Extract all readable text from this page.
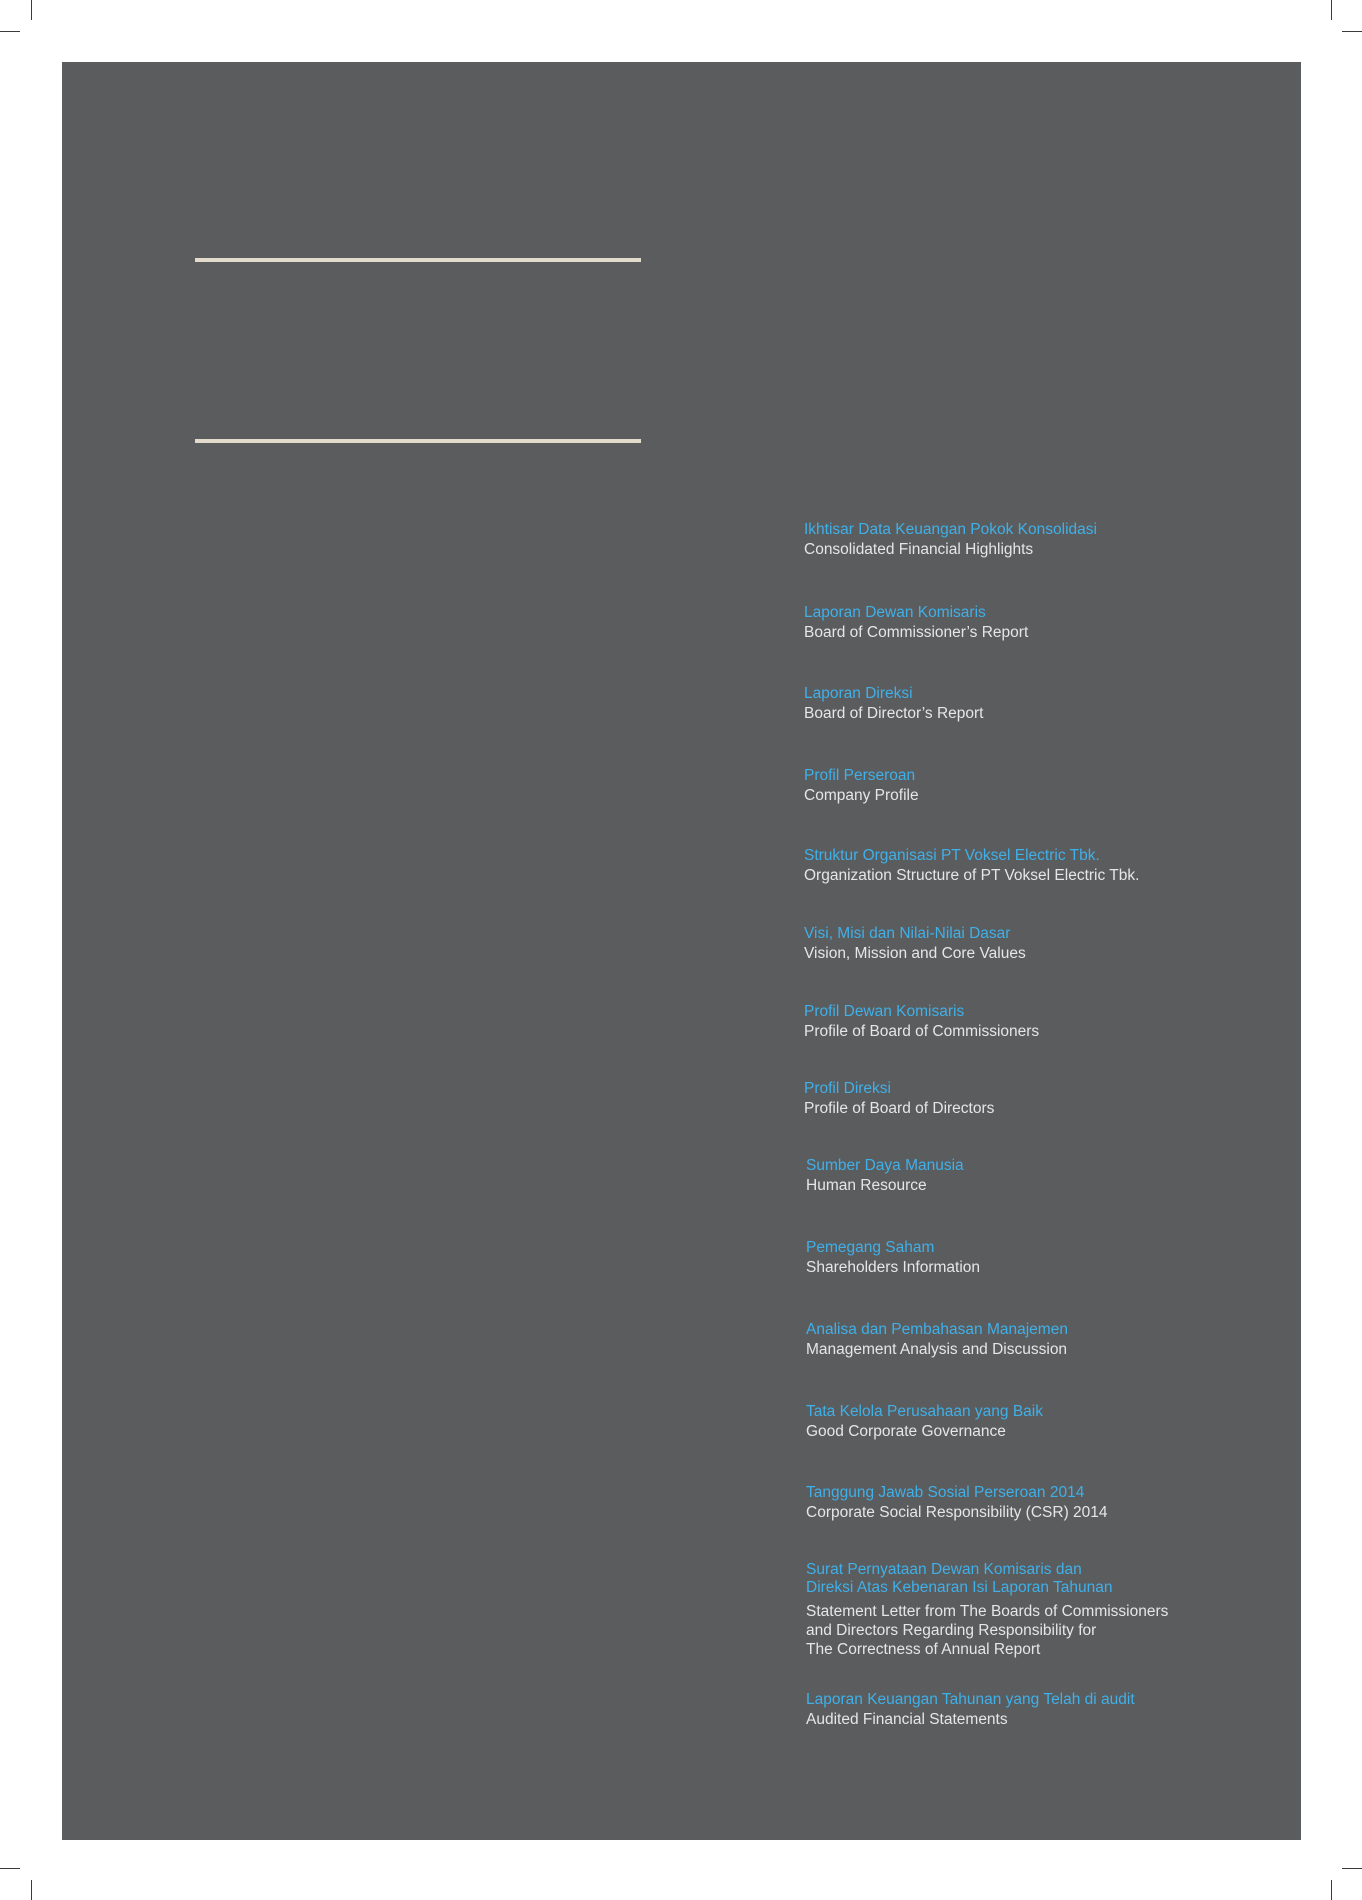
Ikhtisar Data Keuangan Pokok Konsolidasi
Consolidated Financial Highlights
Laporan Dewan Komisaris
Board of Commissioner’s Report
Laporan Direksi
Board of Director’s Report
Profil Perseroan
Company Profile
Struktur Organisasi PT Voksel Electric Tbk.
Organization Structure of PT Voksel Electric Tbk.
Visi, Misi dan Nilai-Nilai Dasar
Vision, Mission and Core Values
Profil Dewan Komisaris
Profile of Board of Commissioners
Profil Direksi
Profile of Board of Directors
Sumber Daya Manusia
Human Resource
Pemegang Saham
Shareholders Information
Analisa dan Pembahasan Manajemen
Management Analysis and Discussion
Tata Kelola Perusahaan yang Baik
Good Corporate Governance
Tanggung Jawab Sosial Perseroan 2014
Corporate Social Responsibility (CSR) 2014
Surat Pernyataan Dewan Komisaris dan
Direksi Atas Kebenaran Isi Laporan Tahunan
Statement Letter from The Boards of Commissioners
and Directors Regarding Responsibility for
The Correctness of Annual Report
Laporan Keuangan Tahunan yang Telah di audit
Audited Financial Statements
